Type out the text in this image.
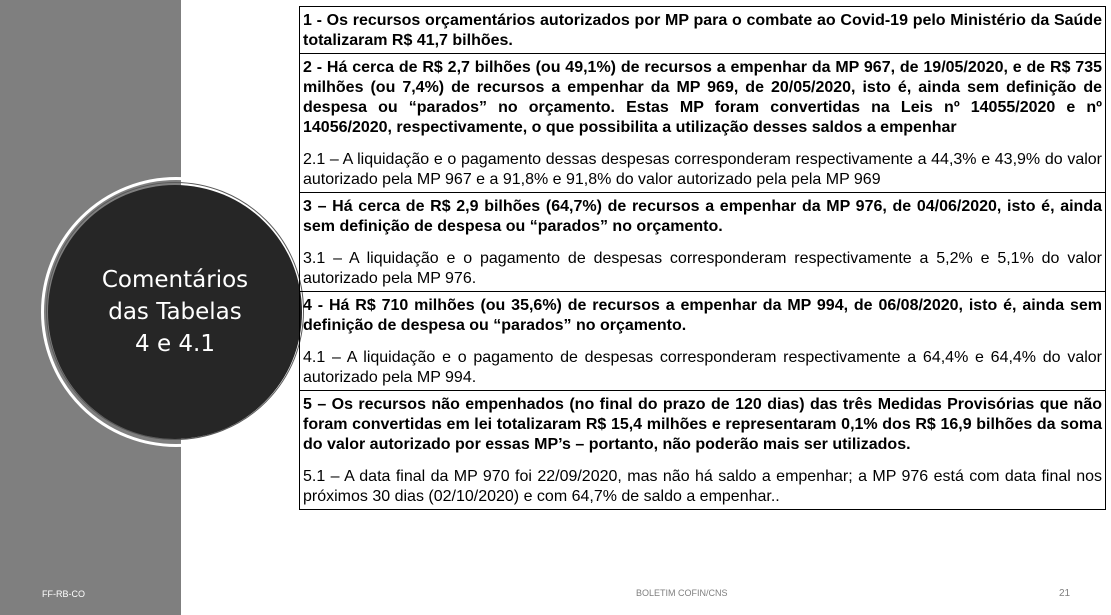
Comentários
das Tabelas
4 e 4.1
FF-RB-CO	BOLETIM COFIN/CNS	21

1 - Os recursos orçamentários autorizados por MP para o combate ao Covid-19 pelo Ministério da Saúde totalizaram R$ 41,7 bilhões.

2 - Há cerca de R$ 2,7 bilhões (ou 49,1%) de recursos a empenhar da MP 967, de 19/05/2020, e de R$ 735 milhões (ou 7,4%) de recursos a empenhar da MP 969, de 20/05/2020, isto é, ainda sem definição de despesa ou “parados” no orçamento. Estas MP foram convertidas na Leis nº 14055/2020 e nº 14056/2020, respectivamente, o que possibilita a utilização desses saldos a empenhar

2.1 – A liquidação e o pagamento dessas despesas corresponderam respectivamente a 44,3% e 43,9% do valor autorizado pela MP 967 e a 91,8% e 91,8% do valor autorizado pela pela MP 969

3 – Há cerca de R$ 2,9 bilhões (64,7%) de recursos a empenhar da MP 976, de 04/06/2020, isto é, ainda sem definição de despesa ou “parados” no orçamento.

3.1 – A liquidação e o pagamento de despesas corresponderam respectivamente a 5,2% e 5,1% do valor autorizado pela MP 976.

4 - Há R$ 710 milhões (ou 35,6%) de recursos a empenhar da MP 994, de 06/08/2020, isto é, ainda sem definição de despesa ou “parados” no orçamento.

4.1 – A liquidação e o pagamento de despesas corresponderam respectivamente a 64,4% e 64,4% do valor autorizado pela MP 994.

5 – Os recursos não empenhados (no final do prazo de 120 dias) das três Medidas Provisórias que não foram convertidas em lei totalizaram R$ 15,4 milhões e representaram 0,1% dos R$ 16,9 bilhões da soma do valor autorizado por essas MP’s – portanto, não poderão mais ser utilizados.

5.1 – A data final da MP 970 foi 22/09/2020, mas não há saldo a empenhar; a MP 976 está com data final nos próximos 30 dias (02/10/2020) e com 64,7% de saldo a empenhar..
